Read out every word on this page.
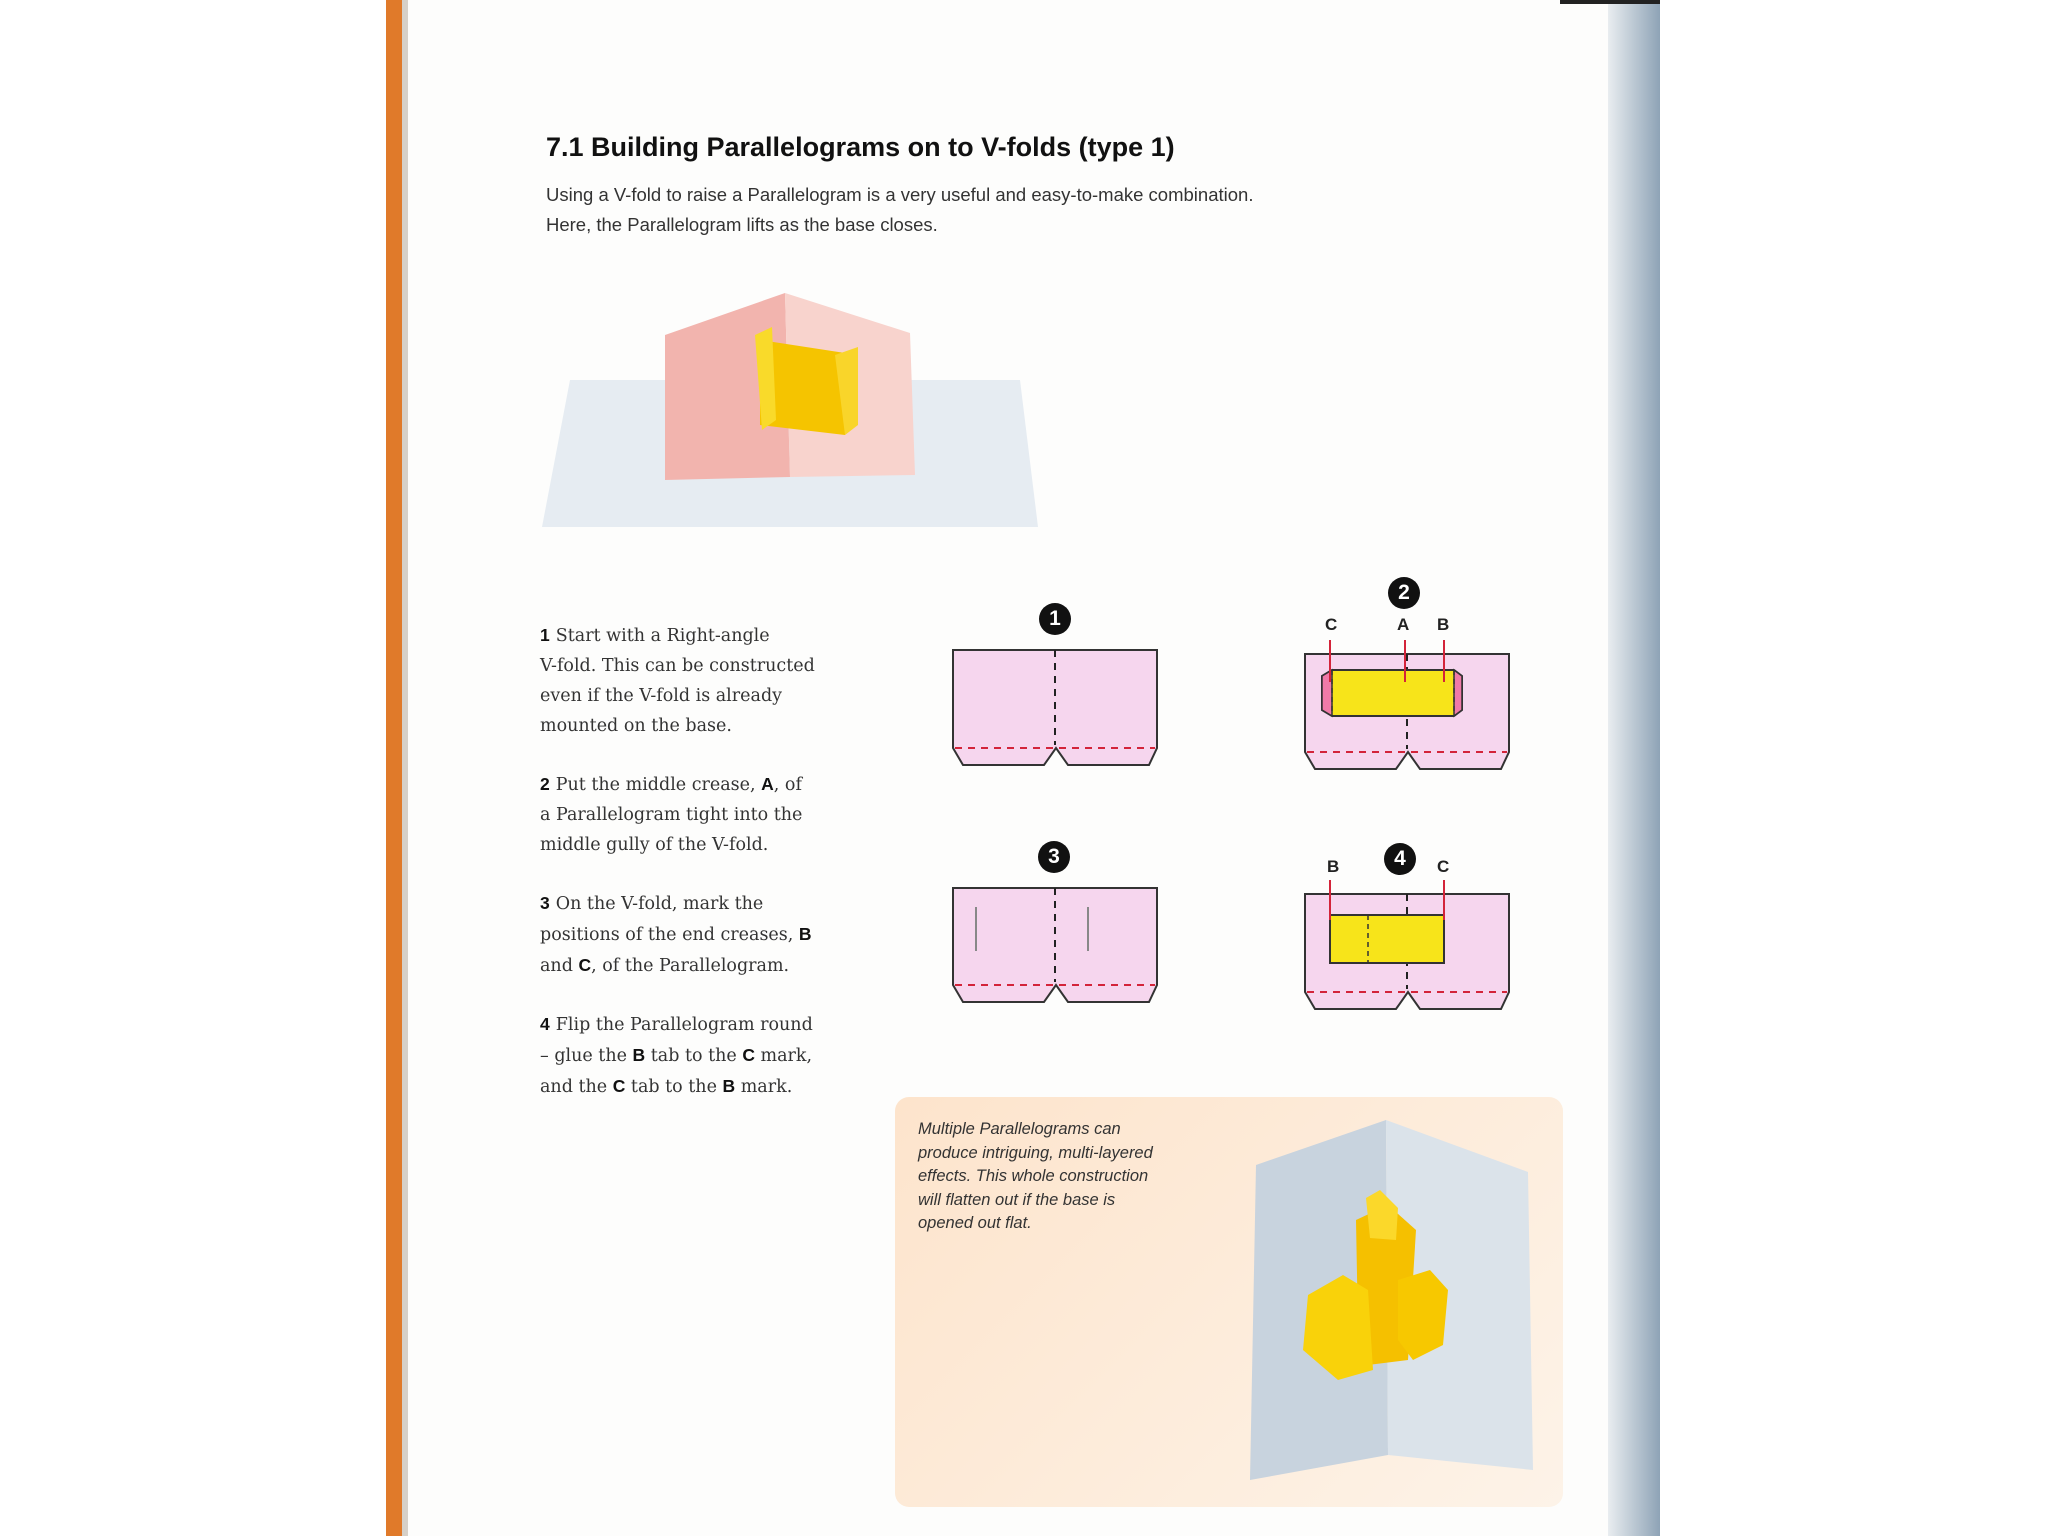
7.1 Building Parallelograms on to V-folds (type 1)
Using a V-fold to raise a Parallelogram is a very useful and easy-to-make combination.
Here, the Parallelogram lifts as the base closes.
1 Start with a Right-angle
V-fold. This can be constructed
even if the V-fold is already
mounted on the base.
2 Put the middle crease, A, of
a Parallelogram tight into the
middle gully of the V-fold.
3 On the V-fold, mark the
positions of the end creases, B
and C, of the Parallelogram.
4 Flip the Parallelogram round
– glue the B tab to the C mark,
and the C tab to the B mark.
1
2
C	A B
3	4
B	C
Multiple Parallelograms can
produce intriguing, multi-layered
effects. This whole construction
will flatten out if the base is
opened out flat.
